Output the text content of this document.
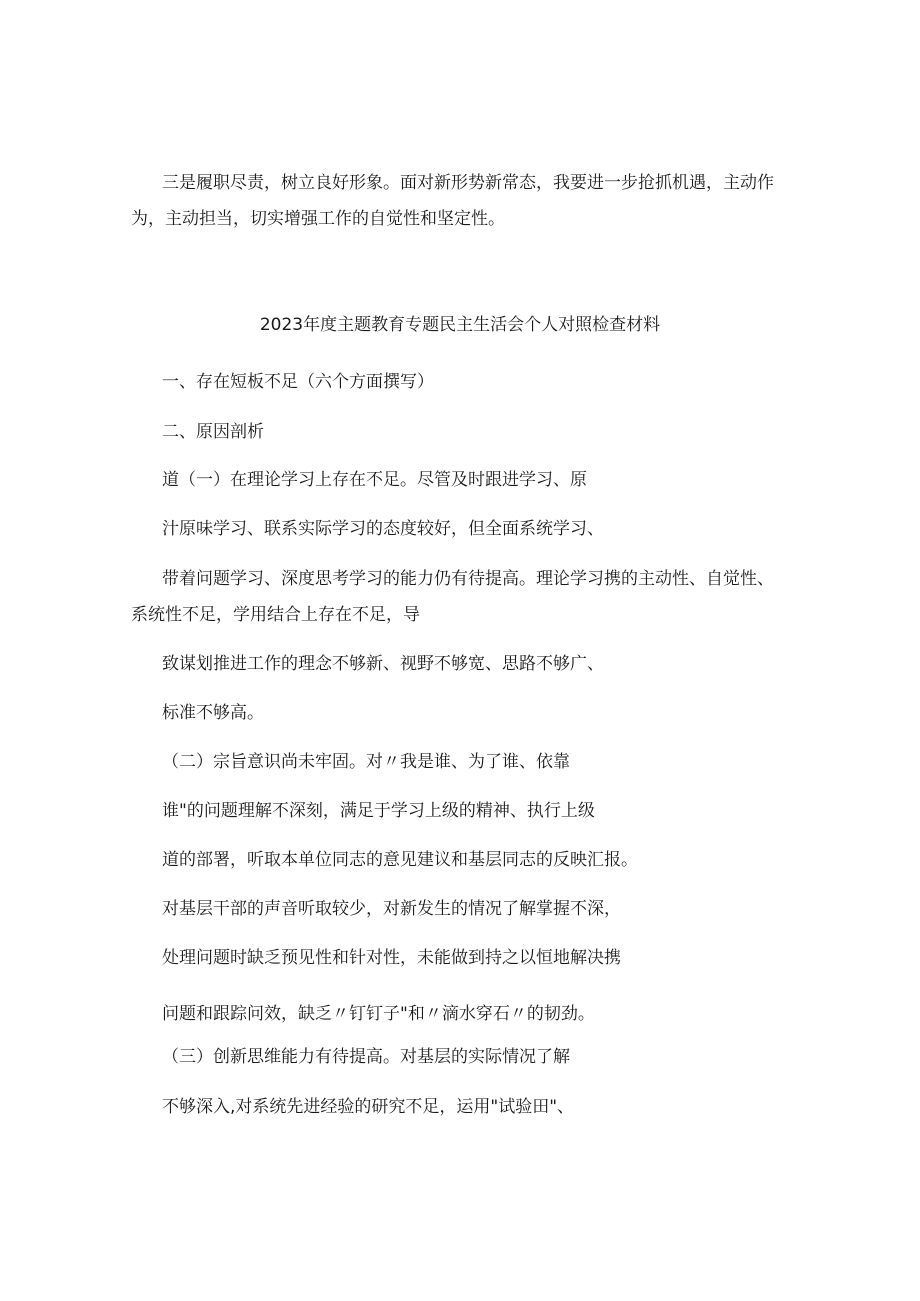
三是履职尽责，树立良好形象。面对新形势新常态，我要进一步抢抓机遇，主动作

为，主动担当，切实增强工作的自觉性和坚定性。

2023年度主题教育专题民主生活会个人对照检查材料

一、存在短板不足（六个方面撰写）

二、原因剖析

道（一）在理论学习上存在不足。尽管及时跟进学习、原

汁原味学习、联系实际学习的态度较好，但全面系统学习、

带着问题学习、深度思考学习的能力仍有待提高。理论学习携的主动性、自觉性、

系统性不足，学用结合上存在不足，导

致谋划推进工作的理念不够新、视野不够宽、思路不够广、

标准不够高。

（二）宗旨意识尚未牢固。对〃我是谁、为了谁、依靠

谁"的问题理解不深刻，满足于学习上级的精神、执行上级

道的部署，听取本单位同志的意见建议和基层同志的反映汇报。

对基层干部的声音听取较少，对新发生的情况了解掌握不深，

处理问题时缺乏预见性和针对性，未能做到持之以恒地解决携

问题和跟踪问效，缺乏〃钉钉子"和〃滴水穿石〃的韧劲。

（三）创新思维能力有待提高。对基层的实际情况了解

不够深入,对系统先进经验的研究不足，运用"试验田"、
